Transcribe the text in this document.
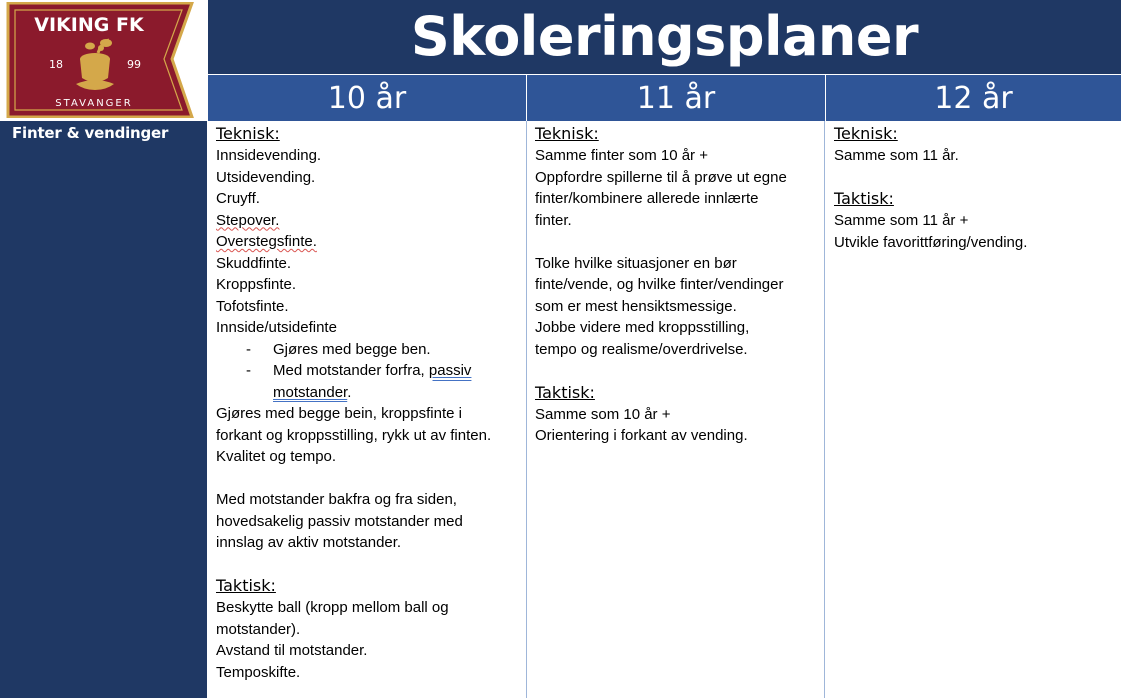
VIKING FK
18	99
STAVANGER
Finter & vendinger
Skoleringsplaner
10 år	11 år	12 år
Teknisk:
Innsidevending.
Utsidevending.
Cruyff.
Stepover.
Overstegsfinte.
Skuddfinte.
Kroppsfinte.
Tofotsfinte.
Innside/utsidefinte
-	Gjøres med begge ben.
-	Med motstander forfra, passiv
motstander.
Gjøres med begge bein, kroppsfinte i
forkant og kroppsstilling, rykk ut av finten.
Kvalitet og tempo.
Med motstander bakfra og fra siden,
hovedsakelig passiv motstander med
innslag av aktiv motstander.
Taktisk:
Beskytte ball (kropp mellom ball og
motstander).
Avstand til motstander.
Temposkifte.
Teknisk:
Samme finter som 10 år +
Oppfordre spillerne til å prøve ut egne
finter/kombinere allerede innlærte
finter.
Tolke hvilke situasjoner en bør
finte/vende, og hvilke finter/vendinger
som er mest hensiktsmessige.
Jobbe videre med kroppsstilling,
tempo og realisme/overdrivelse.
Taktisk:
Samme som 10 år +
Orientering i forkant av vending.
Teknisk:
Samme som 11 år.
Taktisk:
Samme som 11 år +
Utvikle favorittføring/vending.
